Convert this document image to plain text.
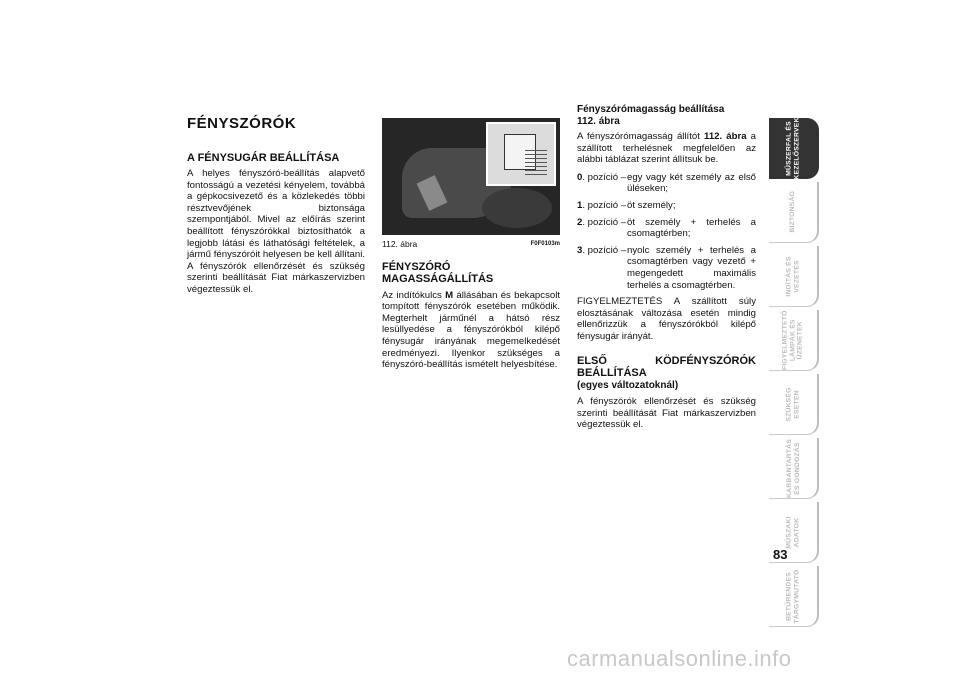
FÉNYSZÓRÓK
A FÉNYSUGÁR BEÁLLÍTÁSA

A helyes fényszóró-beállítás alapvető fontosságú a vezetési kényelem, továbbá a gépkocsivezető és a közlekedés többi résztvevőjének biztonsága szempontjából. Mivel az előírás szerint beállított fényszórókkal biztosíthatók a legjobb látási és láthatósági feltételek, a jármű fényszóróit helyesen be kell állítani. A fényszórók ellenőrzését és szükség szerinti beállítását Fiat márkaszervizben végeztessük el.

112. ábra	F0F0103m
FÉNYSZÓRÓ MAGASSÁGÁLLÍTÁS

Az indítókulcs M állásában és bekapcsolt tompított fényszórók esetében működik. Megterhelt járműnél a hátsó rész lesüllyedése a fényszórókból kilépő fénysugár irányának megemelkedését eredményezi. Ilyenkor szükséges a fényszóró-beállítás ismételt helyesbítése.

Fényszórómagasság beállítása
112. ábra

A fényszórómagasság állítót 112. ábra a szállított terhelésnek megfelelően az alábbi táblázat szerint állítsuk be.

0. pozíció – egy vagy két személy az első üléseken;
1. pozíció – öt személy;
2. pozíció – öt személy + terhelés a csomagtérben;
3. pozíció – nyolc személy + terhelés a csomagtérben vagy vezető + megengedett maximális terhelés a csomagtérben.

FIGYELMEZTETÉS A szállított súly elosztásának változása esetén mindig ellenőrizzük a fényszórókból kilépő fénysugár irányát.

ELSŐ KÖDFÉNYSZÓRÓK BEÁLLÍTÁSA
(egyes változatoknál)

A fényszórók ellenőrzését és szükség szerinti beállítását Fiat márkaszervizben végeztessük el.

MŰSZERFAL ÉS
KEZELŐSZERVEK
BIZTONSÁG
INDÍTÁS ÉS
VEZETÉS
FIGYELMEZTETŐ
LÁMPÁK ÉS
ÜZENETEK
SZÜKSÉG
ESETÉN
KARBANTARTÁS
ÉS GONDOZÁS
MŰSZAKI
ADATOK
BETŰRENDES
TÁRGYMUTATÓ
83
carmanualsonline.info
